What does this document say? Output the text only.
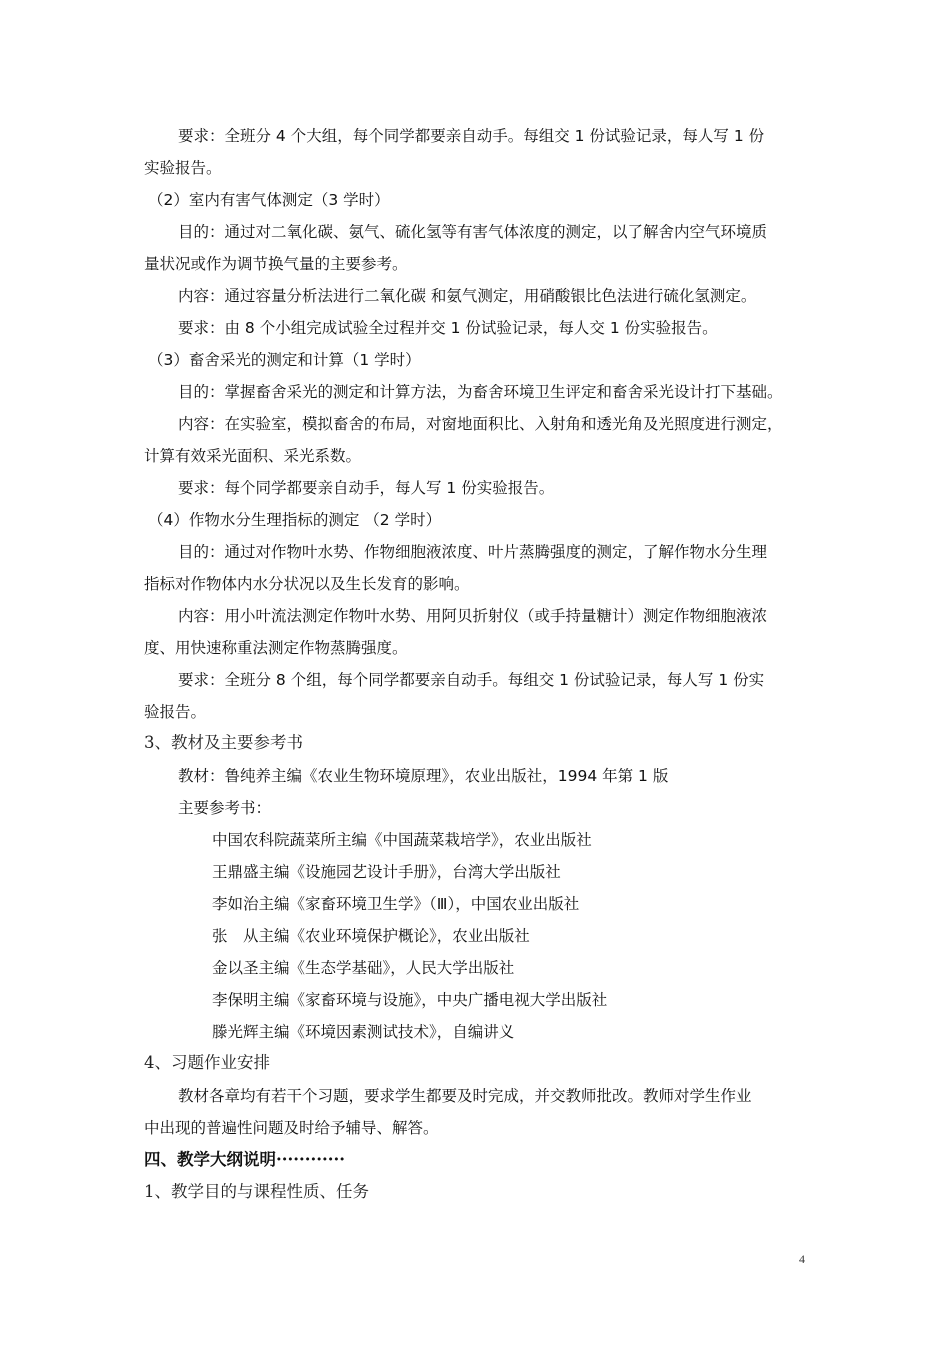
要求：全班分 4 个大组，每个同学都要亲自动手。每组交 1 份试验记录，每人写 1 份
实验报告。
（2）室内有害气体测定（3 学时）
目的：通过对二氧化碳、氨气、硫化氢等有害气体浓度的测定，以了解舍内空气环境质
量状况或作为调节换气量的主要参考。
内容：通过容量分析法进行二氧化碳 和氨气测定，用硝酸银比色法进行硫化氢测定。
要求：由 8 个小组完成试验全过程并交 1 份试验记录，每人交 1 份实验报告。
（3）畜舍采光的测定和计算（1 学时）
目的：掌握畜舍采光的测定和计算方法，为畜舍环境卫生评定和畜舍采光设计打下基础。
内容：在实验室，模拟畜舍的布局，对窗地面积比、入射角和透光角及光照度进行测定，
计算有效采光面积、采光系数。
要求：每个同学都要亲自动手，每人写 1 份实验报告。
（4）作物水分生理指标的测定 （2 学时）
目的：通过对作物叶水势、作物细胞液浓度、叶片蒸腾强度的测定，了解作物水分生理
指标对作物体内水分状况以及生长发育的影响。
内容：用小叶流法测定作物叶水势、用阿贝折射仪（或手持量糖计）测定作物细胞液浓
度、用快速称重法测定作物蒸腾强度。
要求：全班分 8 个组，每个同学都要亲自动手。每组交 1 份试验记录，每人写 1 份实
验报告。
3、教材及主要参考书
教材：鲁纯养主编《农业生物环境原理》，农业出版社，1994 年第 1 版
主要参考书：
中国农科院蔬菜所主编《中国蔬菜栽培学》，农业出版社
王鼎盛主编《设施园艺设计手册》，台湾大学出版社
李如治主编《家畜环境卫生学》（Ⅲ），中国农业出版社
张　从主编《农业环境保护概论》，农业出版社
金以圣主编《生态学基础》，人民大学出版社
李保明主编《家畜环境与设施》，中央广播电视大学出版社
滕光辉主编《环境因素测试技术》，自编讲义
4、习题作业安排
教材各章均有若干个习题，要求学生都要及时完成，并交教师批改。教师对学生作业
中出现的普遍性问题及时给予辅导、解答。
四、教学大纲说明············
1、教学目的与课程性质、任务
4
